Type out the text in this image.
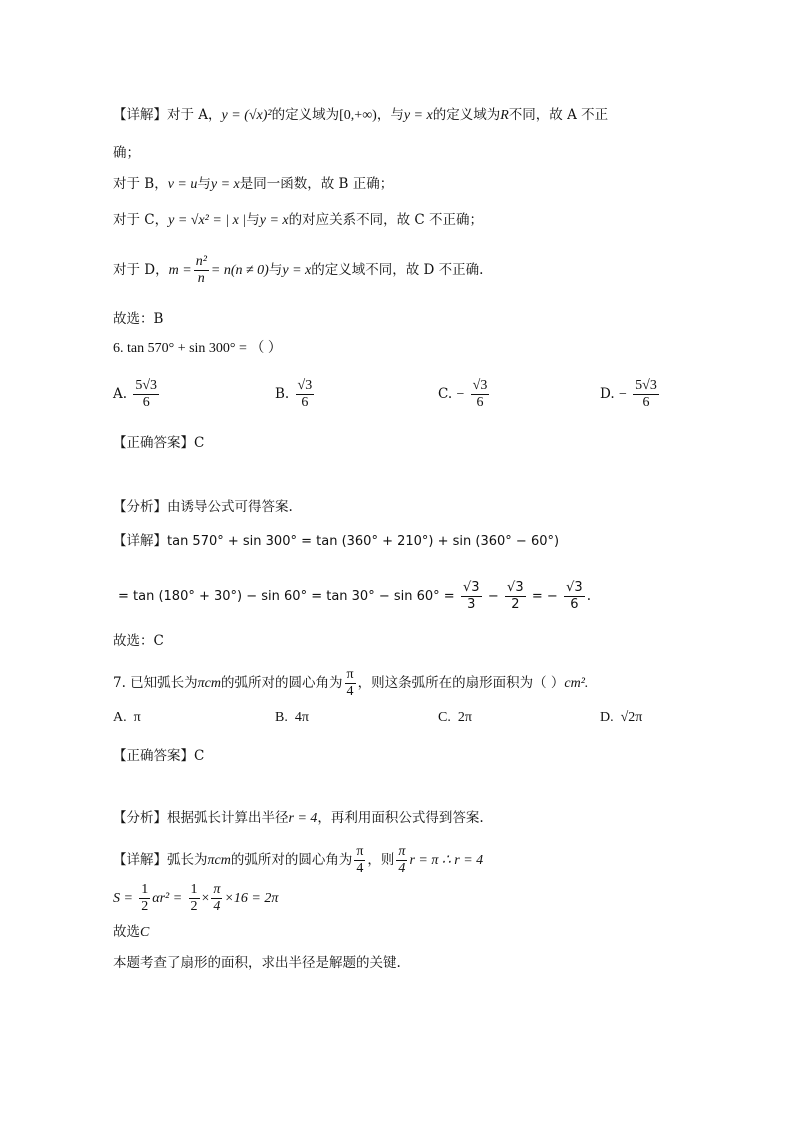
【详解】对于 A，y = (√x)²的定义域为[0,+∞)，与y = x的定义域为R不同，故 A 不正
确；
对于 B，v = u与y = x是同一函数，故 B 正确；
对于 C，y = √x² = | x |与y = x的对应关系不同，故 C 不正确；
对于 D，$m = \frac{\text{n²}}{n} = n(n \ne 0)$与y = x的定义域不同，故 D 不正确.
故选：B
6. tan 570° + sin 300° = （ ）
A. $\frac{5√3}{6}$	B. $\frac{√3}{6}$	C. − $\frac{√3}{6}$	D. − $\frac{5√3}{6}$
【正确答案】C
【分析】由诱导公式可得答案.
【详解】tan 570° + sin 300° = tan (360° + 210°) + sin (360° − 60°)
= $\tan (180^\circ + 30^\circ) - \sin 60^\circ = \tan 30^\circ - \sin 60^\circ = \frac{√3}{3} - \frac{√3}{2}$ = − $\frac{√3}{6}$ .
故选：C
7. 已知弧长为πcm的弧所对的圆心角为 $\frac{\pi}{4}$ ，则这条弧所在的扇形面积为（ ）cm².
A. π	B. 4π	C. 2π	D. √2π
【正确答案】C
【分析】根据弧长计算出半径r = 4，再利用面积公式得到答案.
【详解】弧长为πcm的弧所对的圆心角为 $\frac{\pi}{4}$ ，则 $\frac{\pi}{4}$ r = π ∴ r = 4
$S = \frac{1}{2} \alpha r^2 = \frac{1}{2} \times \frac{\pi}{4} \times 16 = 2\pi$
故选C
本题考查了扇形的面积，求出半径是解题的关键.
